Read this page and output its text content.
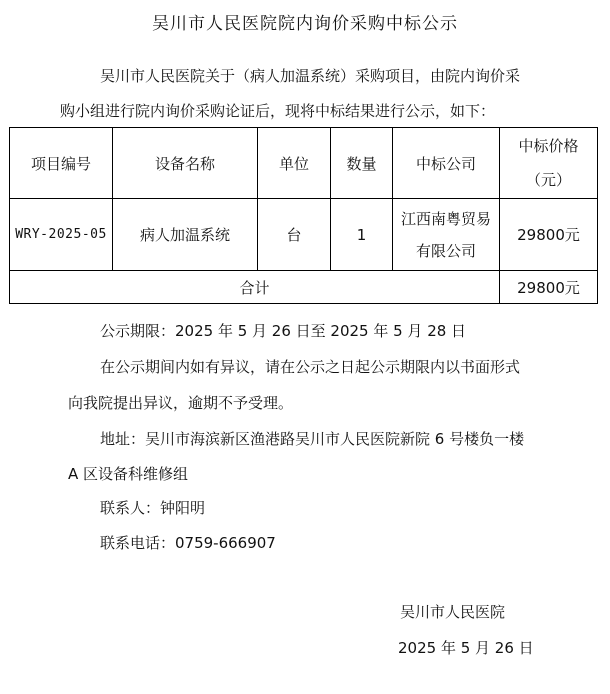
吴川市人民医院院内询价采购中标公示
吴川市人民医院关于（病人加温系统）采购项目，由院内询价采
购小组进行院内询价采购论证后，现将中标结果进行公示，如下：
项目编号	设备名称	单位	数量	中标公司	中标价格
（元）

WRY-2025-05	病人加温系统	台	1	江西南粤贸易
有限公司	29800元
合计					29800元
公示期限：2025 年 5 月 26 日至 2025 年 5 月 28 日
在公示期间内如有异议，请在公示之日起公示期限内以书面形式
向我院提出异议，逾期不予受理。
地址：吴川市海滨新区渔港路吴川市人民医院新院 6 号楼负一楼
A 区设备科维修组
联系人：钟阳明
联系电话：0759-666907
吴川市人民医院
2025 年 5 月 26 日
